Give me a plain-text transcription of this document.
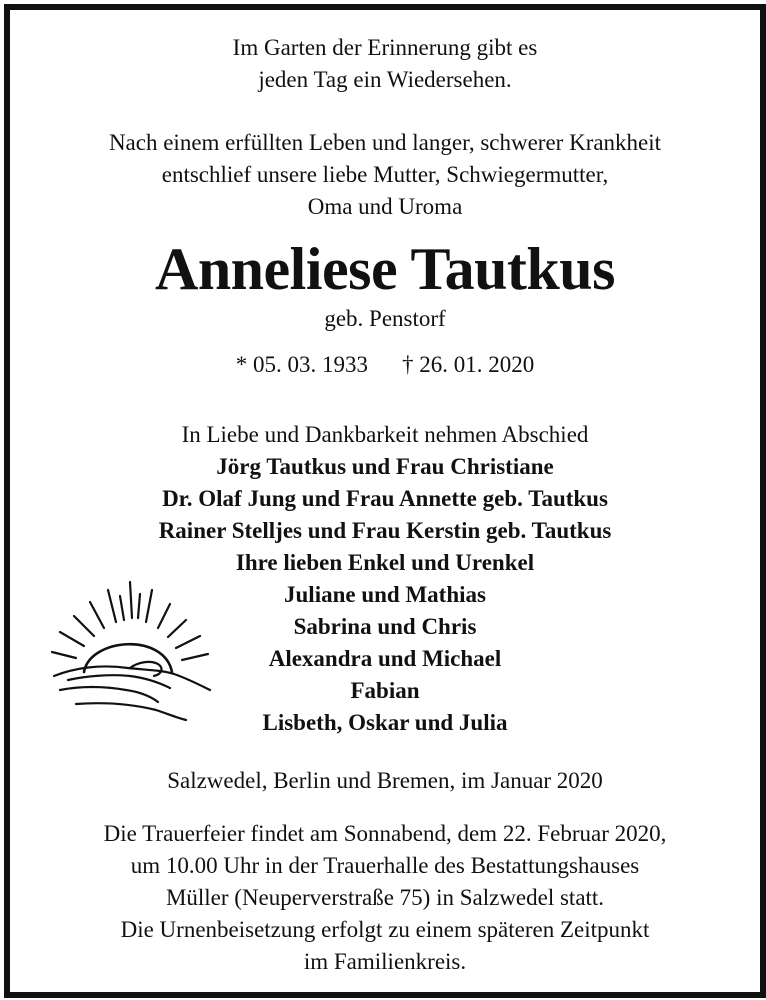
Im Garten der Erinnerung gibt es

jeden Tag ein Wiedersehen.

Nach einem erfüllten Leben und langer, schwerer Krankheit

entschlief unsere liebe Mutter, Schwiegermutter,

Oma und Uroma

Anneliese Tautkus

geb. Penstorf

* 05. 03. 1933 † 26. 01. 2020

In Liebe und Dankbarkeit nehmen Abschied

Jörg Tautkus und Frau Christiane

Dr. Olaf Jung und Frau Annette geb. Tautkus

Rainer Stelljes und Frau Kerstin geb. Tautkus

Ihre lieben Enkel und Urenkel

Juliane und Mathias

Sabrina und Chris

Alexandra und Michael

Fabian

Lisbeth, Oskar und Julia

Salzwedel, Berlin und Bremen, im Januar 2020

Die Trauerfeier findet am Sonnabend, dem 22. Februar 2020,

um 10.00 Uhr in der Trauerhalle des Bestattungshauses

Müller (Neuperverstraße 75) in Salzwedel statt.

Die Urnenbeisetzung erfolgt zu einem späteren Zeitpunkt

im Familienkreis.
